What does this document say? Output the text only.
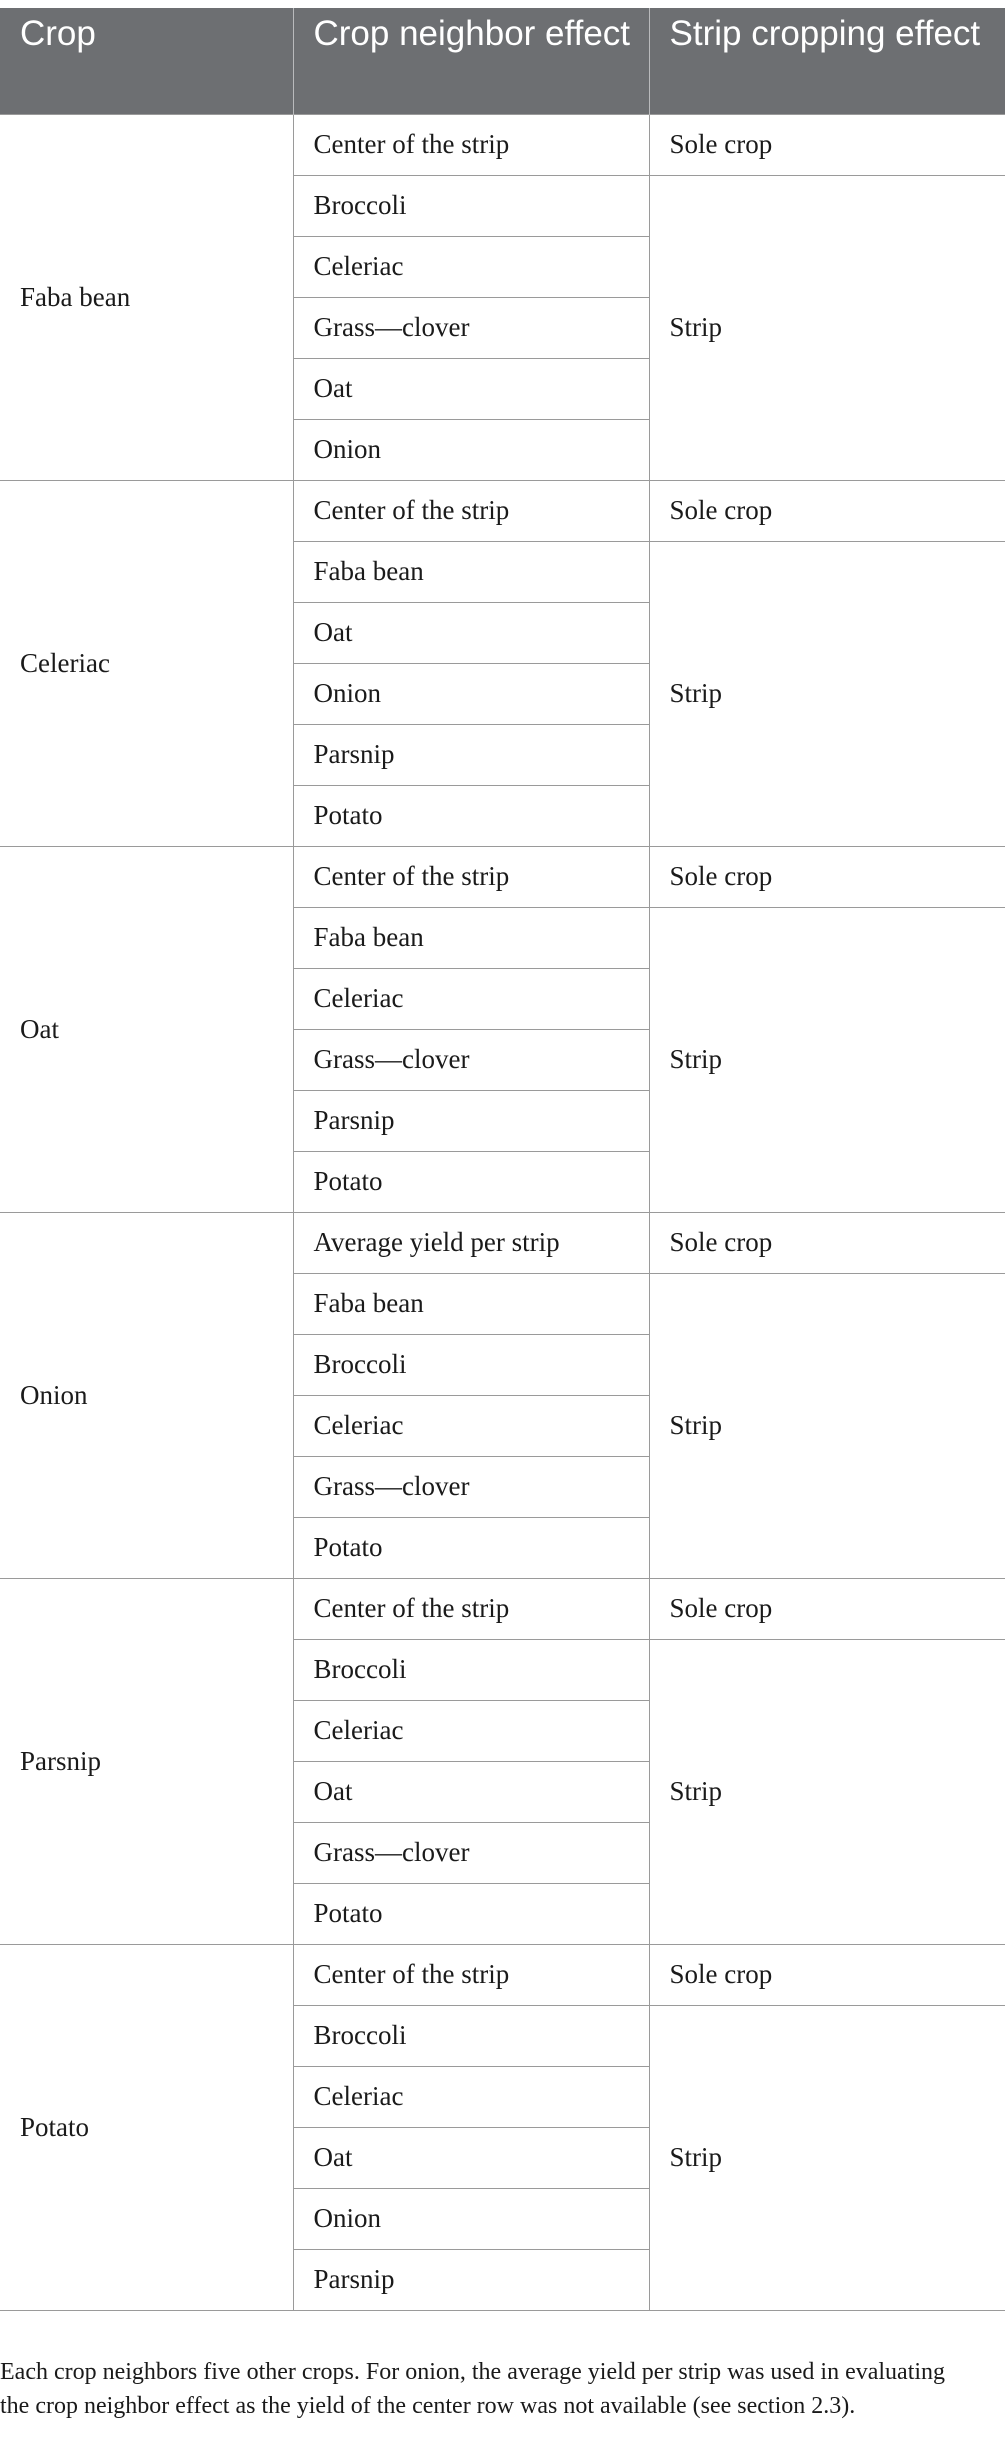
Crop	Crop neighbor effect	Strip cropping effect
Faba bean	Center of the strip	Sole crop
	Broccoli	Strip
	Celeriac	
	Grass—clover	
	Oat	
	Onion	
Celeriac	Center of the strip	Sole crop
	Faba bean	Strip
	Oat	
	Onion	
	Parsnip	
	Potato	
Oat	Center of the strip	Sole crop
	Faba bean	Strip
	Celeriac	
	Grass—clover	
	Parsnip	
	Potato	
Onion	Average yield per strip	Sole crop
	Faba bean	Strip
	Broccoli	
	Celeriac	
	Grass—clover	
	Potato	
Parsnip	Center of the strip	Sole crop
	Broccoli	Strip
	Celeriac	
	Oat	
	Grass—clover	
	Potato	
Potato	Center of the strip	Sole crop
	Broccoli	Strip
	Celeriac	
	Oat	
	Onion	
	Parsnip	

Each crop neighbors five other crops. For onion, the average yield per strip was used in evaluating the crop neighbor effect as the yield of the center row was not available (see section 2.3).
